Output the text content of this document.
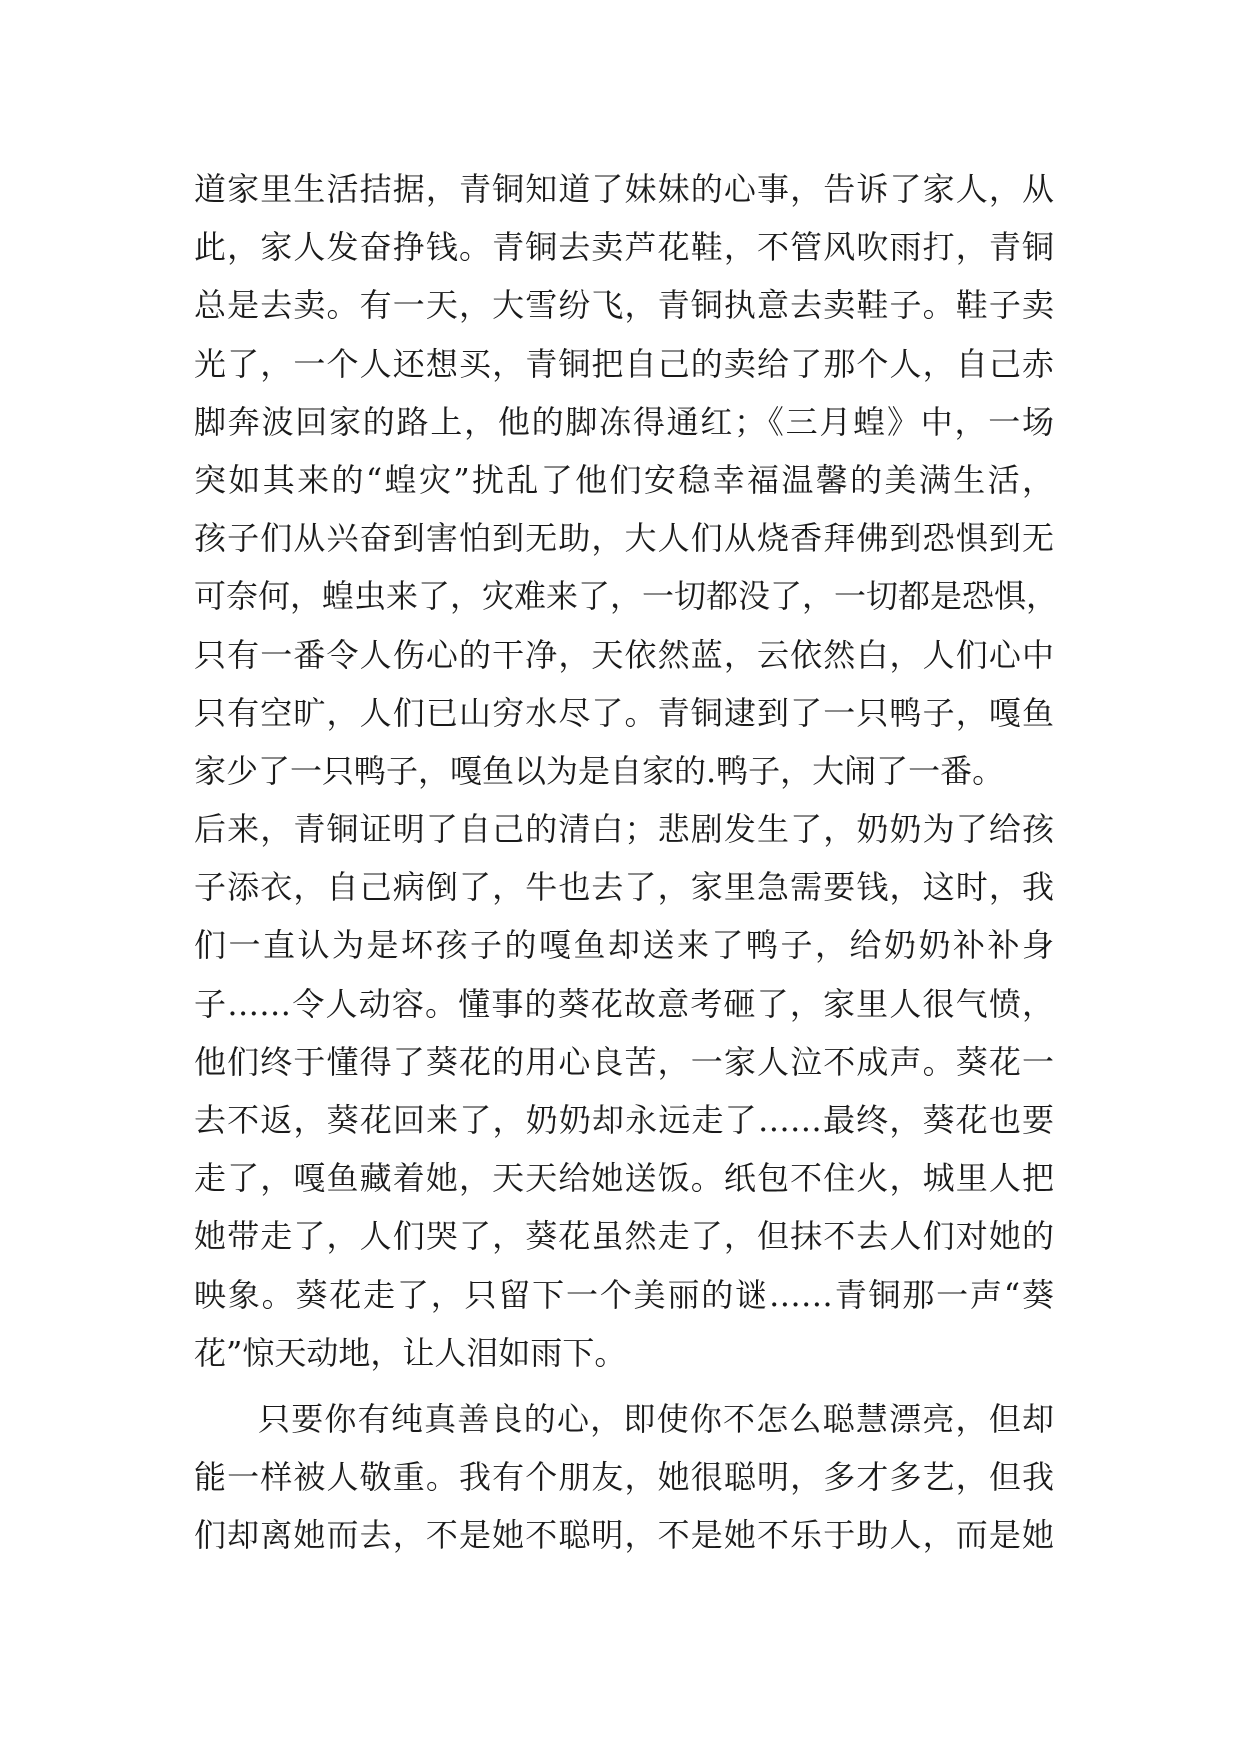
道家里生活拮据，青铜知道了妹妹的心事，告诉了家人，从
此，家人发奋挣钱。青铜去卖芦花鞋，不管风吹雨打，青铜
总是去卖。有一天，大雪纷飞，青铜执意去卖鞋子。鞋子卖
光了，一个人还想买，青铜把自己的卖给了那个人，自己赤
脚奔波回家的路上，他的脚冻得通红；《三月蝗》中，一场
突如其来的“蝗灾”扰乱了他们安稳幸福温馨的美满生活，
孩子们从兴奋到害怕到无助，大人们从烧香拜佛到恐惧到无
可奈何，蝗虫来了，灾难来了，一切都没了，一切都是恐惧，
只有一番令人伤心的干净，天依然蓝，云依然白，人们心中
只有空旷，人们已山穷水尽了。青铜逮到了一只鸭子，嘎鱼
家少了一只鸭子，嘎鱼以为是自家的.鸭子，大闹了一番。
后来，青铜证明了自己的清白；悲剧发生了，奶奶为了给孩
子添衣，自己病倒了，牛也去了，家里急需要钱，这时，我
们一直认为是坏孩子的嘎鱼却送来了鸭子，给奶奶补补身
子……令人动容。懂事的葵花故意考砸了，家里人很气愤，
他们终于懂得了葵花的用心良苦，一家人泣不成声。葵花一
去不返，葵花回来了，奶奶却永远走了……最终，葵花也要
走了，嘎鱼藏着她，天天给她送饭。纸包不住火，城里人把
她带走了，人们哭了，葵花虽然走了，但抹不去人们对她的
映象。葵花走了，只留下一个美丽的谜……青铜那一声“葵
花”惊天动地，让人泪如雨下。
只要你有纯真善良的心，即使你不怎么聪慧漂亮，但却
能一样被人敬重。我有个朋友，她很聪明，多才多艺，但我
们却离她而去，不是她不聪明，不是她不乐于助人，而是她
